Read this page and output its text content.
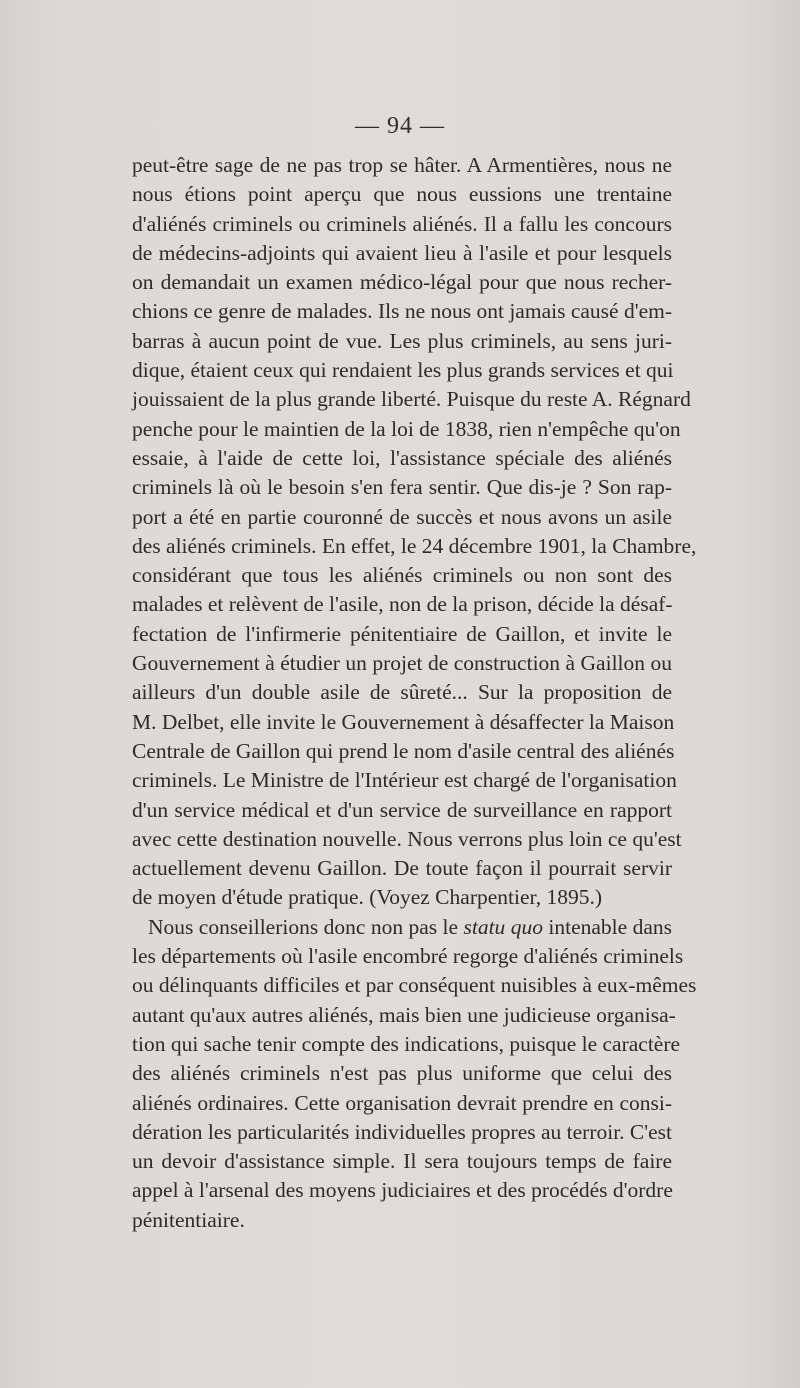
— 94 —
peut-être sage de ne pas trop se hâter. A Armentières, nous ne
nous étions point aperçu que nous eussions une trentaine
d'aliénés criminels ou criminels aliénés. Il a fallu les concours
de médecins-adjoints qui avaient lieu à l'asile et pour lesquels
on demandait un examen médico-légal pour que nous recher-
chions ce genre de malades. Ils ne nous ont jamais causé d'em-
barras à aucun point de vue. Les plus criminels, au sens juri-
dique, étaient ceux qui rendaient les plus grands services et qui
jouissaient de la plus grande liberté. Puisque du reste A. Régnard
penche pour le maintien de la loi de 1838, rien n'empêche qu'on
essaie, à l'aide de cette loi, l'assistance spéciale des aliénés
criminels là où le besoin s'en fera sentir. Que dis-je ? Son rap-
port a été en partie couronné de succès et nous avons un asile
des aliénés criminels. En effet, le 24 décembre 1901, la Chambre,
considérant que tous les aliénés criminels ou non sont des
malades et relèvent de l'asile, non de la prison, décide la désaf-
fectation de l'infirmerie pénitentiaire de Gaillon, et invite le
Gouvernement à étudier un projet de construction à Gaillon ou
ailleurs d'un double asile de sûreté... Sur la proposition de
M. Delbet, elle invite le Gouvernement à désaffecter la Maison
Centrale de Gaillon qui prend le nom d'asile central des aliénés
criminels. Le Ministre de l'Intérieur est chargé de l'organisation
d'un service médical et d'un service de surveillance en rapport
avec cette destination nouvelle. Nous verrons plus loin ce qu'est
actuellement devenu Gaillon. De toute façon il pourrait servir
de moyen d'étude pratique. (Voyez Charpentier, 1895.)
Nous conseillerions donc non pas le statu quo intenable dans
les départements où l'asile encombré regorge d'aliénés criminels
ou délinquants difficiles et par conséquent nuisibles à eux-mêmes
autant qu'aux autres aliénés, mais bien une judicieuse organisa-
tion qui sache tenir compte des indications, puisque le caractère
des aliénés criminels n'est pas plus uniforme que celui des
aliénés ordinaires. Cette organisation devrait prendre en consi-
dération les particularités individuelles propres au terroir. C'est
un devoir d'assistance simple. Il sera toujours temps de faire
appel à l'arsenal des moyens judiciaires et des procédés d'ordre
pénitentiaire.
